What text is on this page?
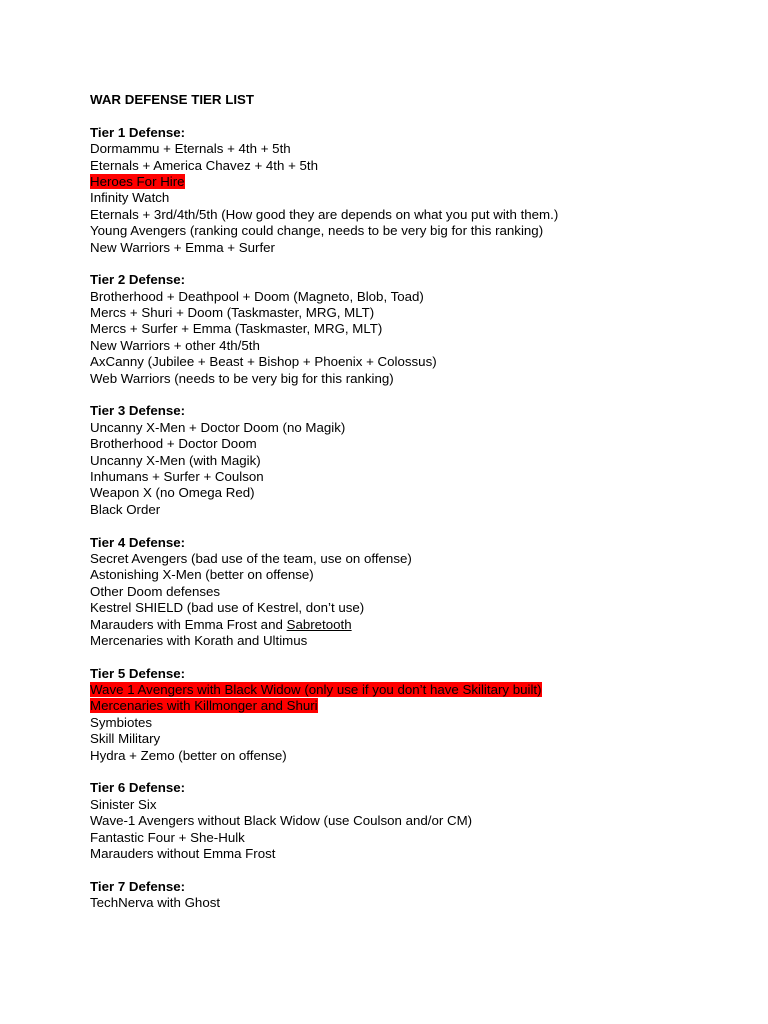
WAR DEFENSE TIER LIST
Tier 1 Defense:
Dormammu + Eternals + 4th + 5th
Eternals + America Chavez + 4th + 5th
Heroes For Hire
Infinity Watch
Eternals + 3rd/4th/5th (How good they are depends on what you put with them.)
Young Avengers (ranking could change, needs to be very big for this ranking)
New Warriors + Emma + Surfer
Tier 2 Defense:
Brotherhood + Deathpool + Doom (Magneto, Blob, Toad)
Mercs + Shuri + Doom (Taskmaster, MRG, MLT)
Mercs + Surfer + Emma (Taskmaster, MRG, MLT)
New Warriors + other 4th/5th
AxCanny (Jubilee + Beast + Bishop + Phoenix + Colossus)
Web Warriors (needs to be very big for this ranking)
Tier 3 Defense:
Uncanny X-Men + Doctor Doom (no Magik)
Brotherhood + Doctor Doom
Uncanny X-Men (with Magik)
Inhumans + Surfer + Coulson
Weapon X (no Omega Red)
Black Order
Tier 4 Defense:
Secret Avengers (bad use of the team, use on offense)
Astonishing X-Men (better on offense)
Other Doom defenses
Kestrel SHIELD (bad use of Kestrel, don’t use)
Marauders with Emma Frost and Sabretooth
Mercenaries with Korath and Ultimus
Tier 5 Defense:
Wave 1 Avengers with Black Widow (only use if you don’t have Skilitary built)
Mercenaries with Killmonger and Shuri
Symbiotes
Skill Military
Hydra + Zemo (better on offense)
Tier 6 Defense:
Sinister Six
Wave-1 Avengers without Black Widow (use Coulson and/or CM)
Fantastic Four + She-Hulk
Marauders without Emma Frost
Tier 7 Defense:
TechNerva with Ghost
